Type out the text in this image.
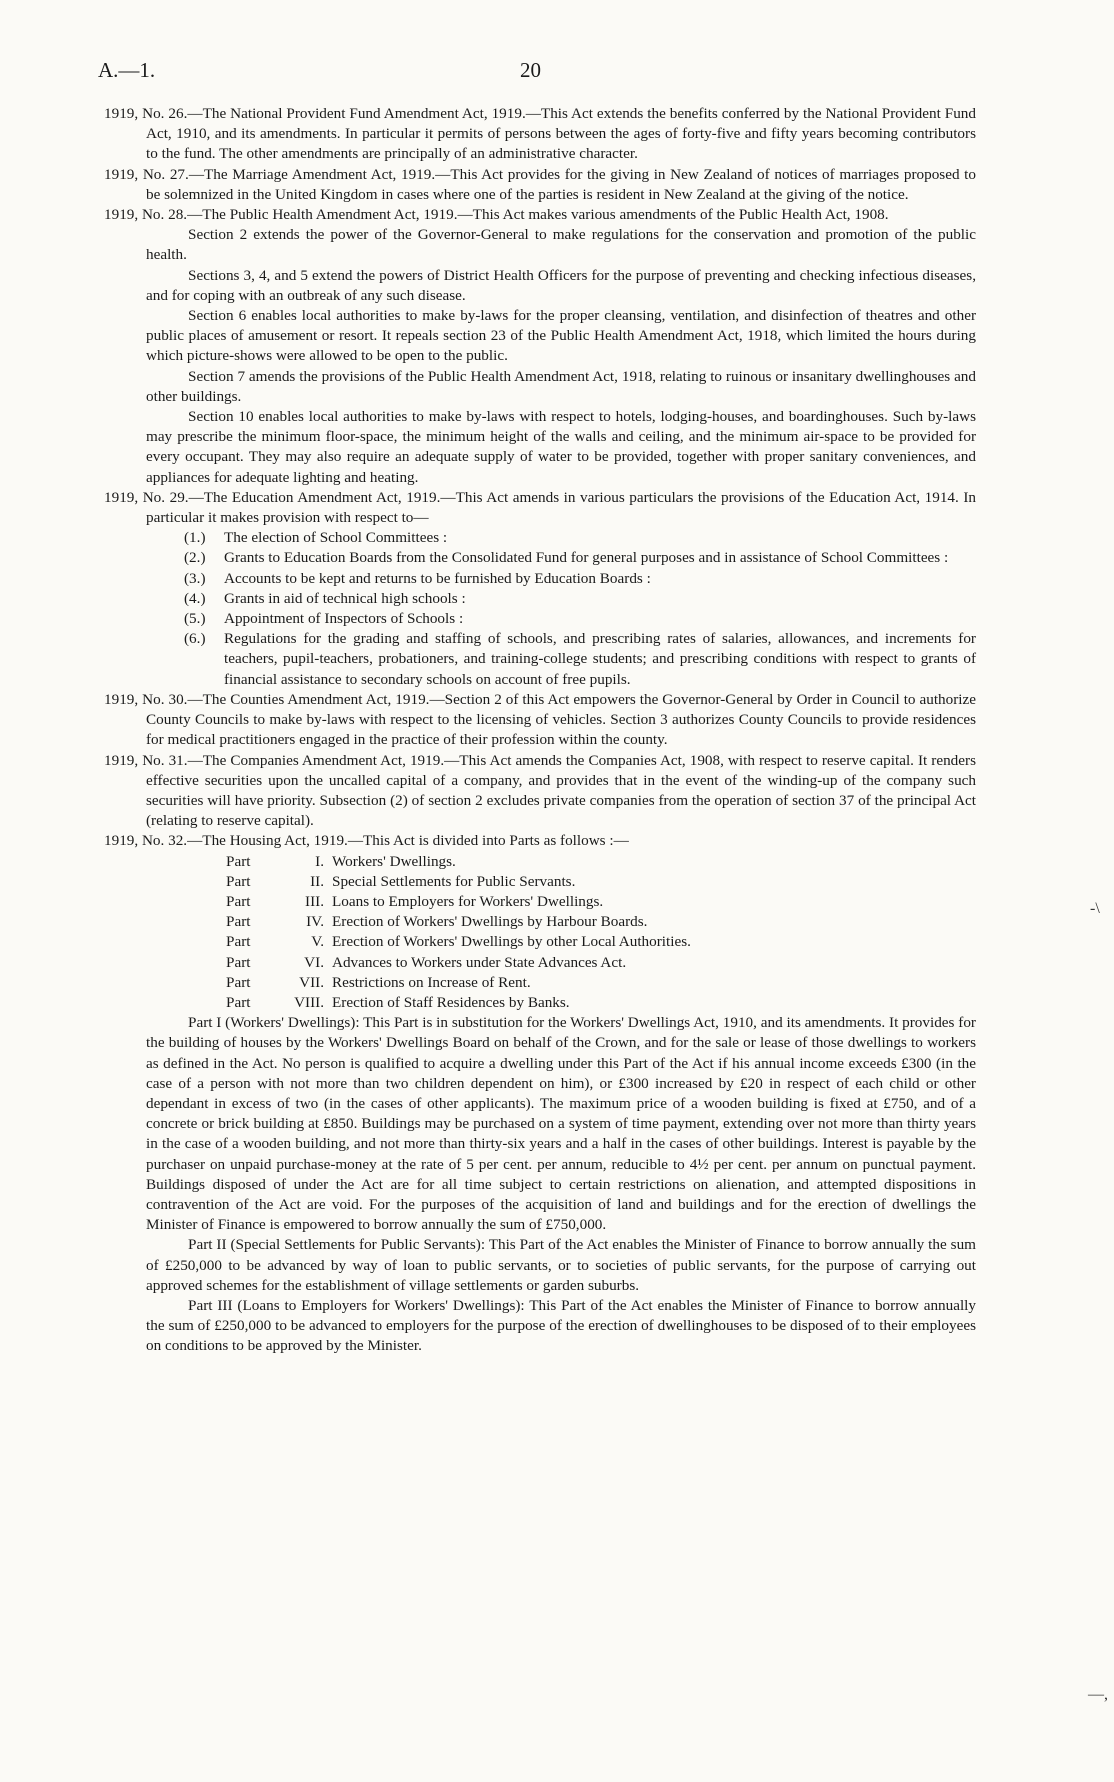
A.—1.	20
1919, No. 26.—The National Provident Fund Amendment Act, 1919.—This Act extends the benefits conferred by the National Provident Fund Act, 1910, and its amendments. In particular it permits of persons between the ages of forty-five and fifty years becoming contributors to the fund. The other amendments are principally of an administrative character.
1919, No. 27.—The Marriage Amendment Act, 1919.—This Act provides for the giving in New Zealand of notices of marriages proposed to be solemnized in the United Kingdom in cases where one of the parties is resident in New Zealand at the giving of the notice.
1919, No. 28.—The Public Health Amendment Act, 1919.—This Act makes various amendments of the Public Health Act, 1908.
Section 2 extends the power of the Governor-General to make regulations for the conservation and promotion of the public health.
Sections 3, 4, and 5 extend the powers of District Health Officers for the purpose of preventing and checking infectious diseases, and for coping with an outbreak of any such disease.
Section 6 enables local authorities to make by-laws for the proper cleansing, ventilation, and disinfection of theatres and other public places of amusement or resort. It repeals section 23 of the Public Health Amendment Act, 1918, which limited the hours during which picture-shows were allowed to be open to the public.
Section 7 amends the provisions of the Public Health Amendment Act, 1918, relating to ruinous or insanitary dwellinghouses and other buildings.
Section 10 enables local authorities to make by-laws with respect to hotels, lodging-houses, and boardinghouses. Such by-laws may prescribe the minimum floor-space, the minimum height of the walls and ceiling, and the minimum air-space to be provided for every occupant. They may also require an adequate supply of water to be provided, together with proper sanitary conveniences, and appliances for adequate lighting and heating.
1919, No. 29.—The Education Amendment Act, 1919.—This Act amends in various particulars the provisions of the Education Act, 1914. In particular it makes provision with respect to—
(1.)	The election of School Committees :
(2.)	Grants to Education Boards from the Consolidated Fund for general purposes and in assistance of School Committees :
(3.)	Accounts to be kept and returns to be furnished by Education Boards :
(4.)	Grants in aid of technical high schools :
(5.)	Appointment of Inspectors of Schools :
(6.)	Regulations for the grading and staffing of schools, and prescribing rates of salaries, allowances, and increments for teachers, pupil-teachers, probationers, and training-college students; and prescribing conditions with respect to grants of financial assistance to secondary schools on account of free pupils.
1919, No. 30.—The Counties Amendment Act, 1919.—Section 2 of this Act empowers the Governor-General by Order in Council to authorize County Councils to make by-laws with respect to the licensing of vehicles. Section 3 authorizes County Councils to provide residences for medical practitioners engaged in the practice of their profession within the county.
1919, No. 31.—The Companies Amendment Act, 1919.—This Act amends the Companies Act, 1908, with respect to reserve capital. It renders effective securities upon the uncalled capital of a company, and provides that in the event of the winding-up of the company such securities will have priority. Subsection (2) of section 2 excludes private companies from the operation of section 37 of the principal Act (relating to reserve capital).
1919, No. 32.—The Housing Act, 1919.—This Act is divided into Parts as follows :—
Part	I. Workers' Dwellings.
Part	II. Special Settlements for Public Servants.
Part	III. Loans to Employers for Workers' Dwellings.
Part	IV. Erection of Workers' Dwellings by Harbour Boards.
Part	V. Erection of Workers' Dwellings by other Local Authorities.
Part	VI. Advances to Workers under State Advances Act.
Part	VII. Restrictions on Increase of Rent.
Part	VIII. Erection of Staff Residences by Banks.
Part I (Workers' Dwellings): This Part is in substitution for the Workers' Dwellings Act, 1910, and its amendments. It provides for the building of houses by the Workers' Dwellings Board on behalf of the Crown, and for the sale or lease of those dwellings to workers as defined in the Act. No person is qualified to acquire a dwelling under this Part of the Act if his annual income exceeds £300 (in the case of a person with not more than two children dependent on him), or £300 increased by £20 in respect of each child or other dependant in excess of two (in the cases of other applicants). The maximum price of a wooden building is fixed at £750, and of a concrete or brick building at £850. Buildings may be purchased on a system of time payment, extending over not more than thirty years in the case of a wooden building, and not more than thirty-six years and a half in the cases of other buildings. Interest is payable by the purchaser on unpaid purchase-money at the rate of 5 per cent. per annum, reducible to 4½ per cent. per annum on punctual payment. Buildings disposed of under the Act are for all time subject to certain restrictions on alienation, and attempted dispositions in contravention of the Act are void. For the purposes of the acquisition of land and buildings and for the erection of dwellings the Minister of Finance is empowered to borrow annually the sum of £750,000.
Part II (Special Settlements for Public Servants): This Part of the Act enables the Minister of Finance to borrow annually the sum of £250,000 to be advanced by way of loan to public servants, or to societies of public servants, for the purpose of carrying out approved schemes for the establishment of village settlements or garden suburbs.
Part III (Loans to Employers for Workers' Dwellings): This Part of the Act enables the Minister of Finance to borrow annually the sum of £250,000 to be advanced to employers for the purpose of the erection of dwellinghouses to be disposed of to their employees on conditions to be approved by the Minister.
-\
—,
